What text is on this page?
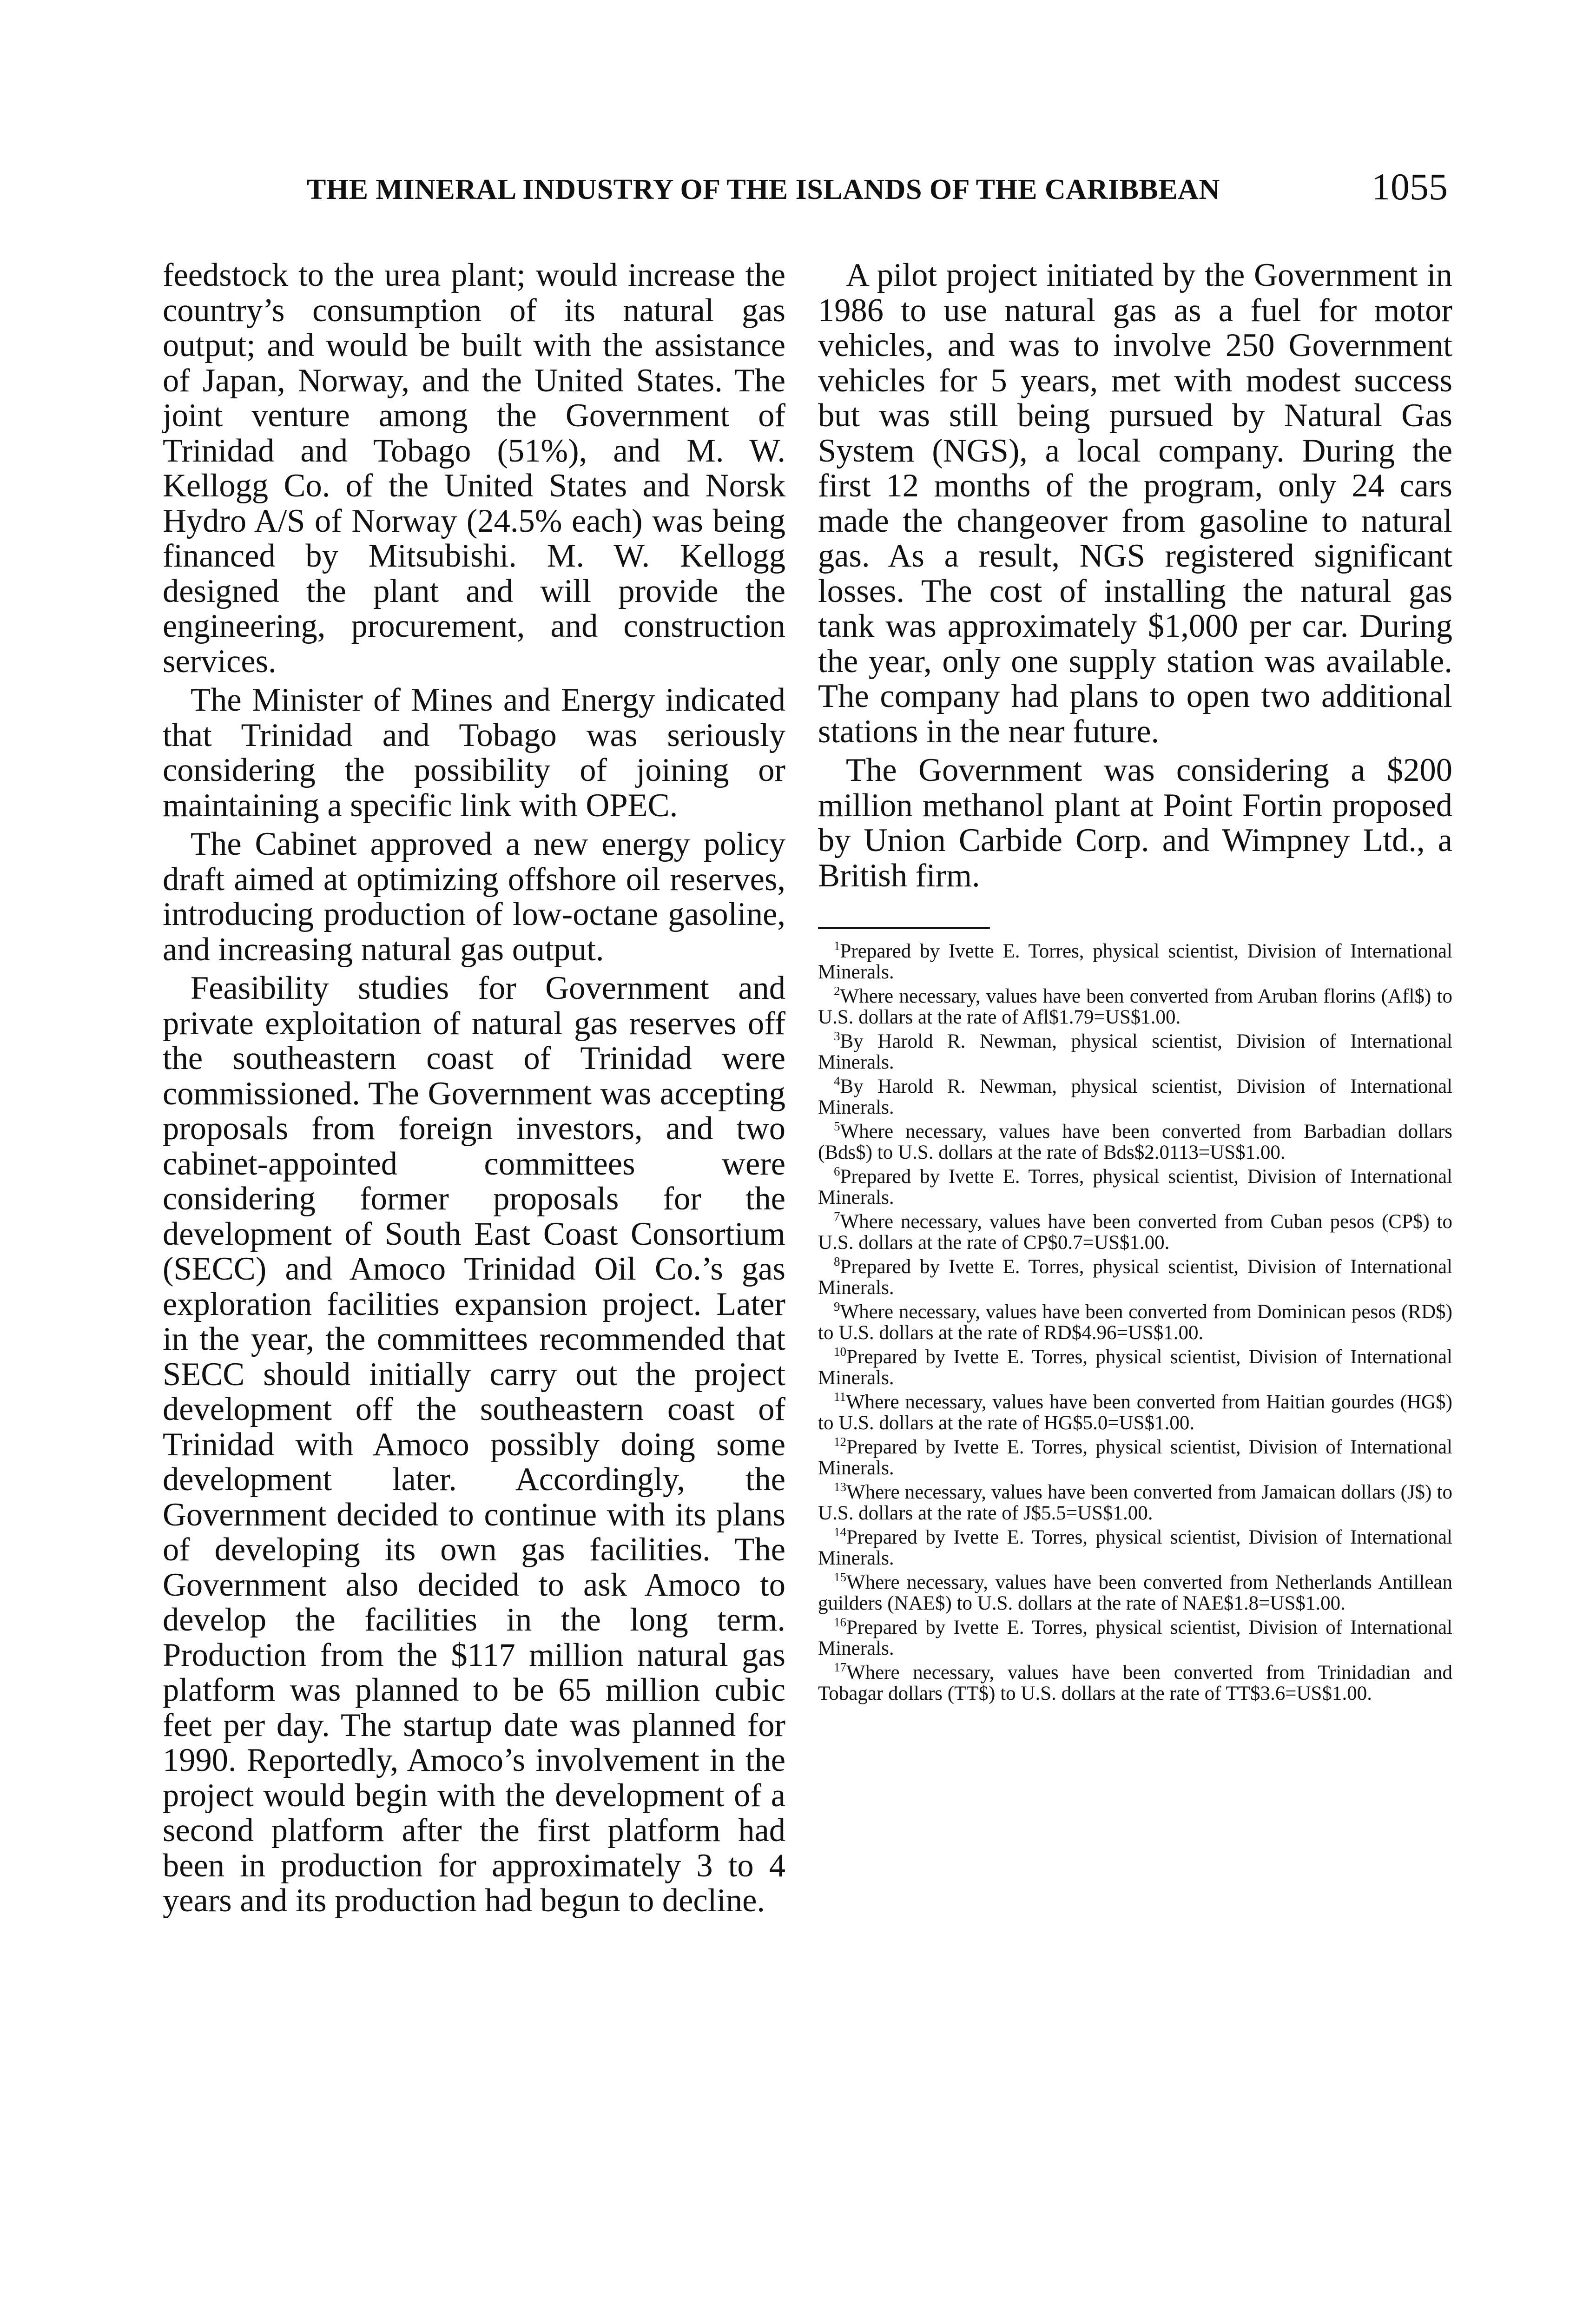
THE MINERAL INDUSTRY OF THE ISLANDS OF THE CARIBBEAN	1055

feedstock to the urea plant; would increase the country’s consumption of its natural gas output; and would be built with the assistance of Japan, Norway, and the United States. The joint venture among the Government of Trinidad and Tobago (51%), and M. W. Kellogg Co. of the United States and Norsk Hydro A/S of Norway (24.5% each) was being financed by Mitsubishi. M. W. Kellogg designed the plant and will provide the engineering, procurement, and construction services.

The Minister of Mines and Energy indicated that Trinidad and Tobago was seriously considering the possibility of joining or maintaining a specific link with OPEC.

The Cabinet approved a new energy policy draft aimed at optimizing offshore oil reserves, introducing production of low-octane gasoline, and increasing natural gas output.

Feasibility studies for Government and private exploitation of natural gas reserves off the southeastern coast of Trinidad were commissioned. The Government was accepting proposals from foreign investors, and two cabinet-appointed committees were considering former proposals for the development of South East Coast Consortium (SECC) and Amoco Trinidad Oil Co.’s gas exploration facilities expansion project. Later in the year, the committees recommended that SECC should initially carry out the project development off the southeastern coast of Trinidad with Amoco possibly doing some development later. Accordingly, the Government decided to continue with its plans of developing its own gas facilities. The Government also decided to ask Amoco to develop the facilities in the long term. Production from the $117 million natural gas platform was planned to be 65 million cubic feet per day. The startup date was planned for 1990. Reportedly, Amoco’s involvement in the project would begin with the development of a second platform after the first platform had been in production for approximately 3 to 4 years and its production had begun to decline.

A pilot project initiated by the Government in 1986 to use natural gas as a fuel for motor vehicles, and was to involve 250 Government vehicles for 5 years, met with modest success but was still being pursued by Natural Gas System (NGS), a local company. During the first 12 months of the program, only 24 cars made the changeover from gasoline to natural gas. As a result, NGS registered significant losses. The cost of installing the natural gas tank was approximately $1,000 per car. During the year, only one supply station was available. The company had plans to open two additional stations in the near future.

The Government was considering a $200 million methanol plant at Point Fortin proposed by Union Carbide Corp. and Wimpney Ltd., a British firm.

$^1$Prepared by Ivette E. Torres, physical scientist, Division of International Minerals.

$^2$Where necessary, values have been converted from Aruban florins (Afl$) to U.S. dollars at the rate of Afl$1.79=US$1.00.

$^3$By Harold R. Newman, physical scientist, Division of International Minerals.

$^4$By Harold R. Newman, physical scientist, Division of International Minerals.

$^5$Where necessary, values have been converted from Barbadian dollars (Bds$) to U.S. dollars at the rate of Bds$2.0113=US$1.00.

$^6$Prepared by Ivette E. Torres, physical scientist, Division of International Minerals.

$^7$Where necessary, values have been converted from Cuban pesos (CP$) to U.S. dollars at the rate of CP$0.7=US$1.00.

$^8$Prepared by Ivette E. Torres, physical scientist, Division of International Minerals.

$^9$Where necessary, values have been converted from Dominican pesos (RD$) to U.S. dollars at the rate of RD$4.96=US$1.00.

$^{10}$Prepared by Ivette E. Torres, physical scientist, Division of International Minerals.

$^{11}$Where necessary, values have been converted from Haitian gourdes (HG$) to U.S. dollars at the rate of HG$5.0=US$1.00.

$^{12}$Prepared by Ivette E. Torres, physical scientist, Division of International Minerals.

$^{13}$Where necessary, values have been converted from Jamaican dollars (J$) to U.S. dollars at the rate of J$5.5=US$1.00.

$^{14}$Prepared by Ivette E. Torres, physical scientist, Division of International Minerals.

$^{15}$Where necessary, values have been converted from Netherlands Antillean guilders (NAE$) to U.S. dollars at the rate of NAE$1.8=US$1.00.

$^{16}$Prepared by Ivette E. Torres, physical scientist, Division of International Minerals.

$^{17}$Where necessary, values have been converted from Trinidadian and Tobagar dollars (TT$) to U.S. dollars at the rate of TT$3.6=US$1.00.
